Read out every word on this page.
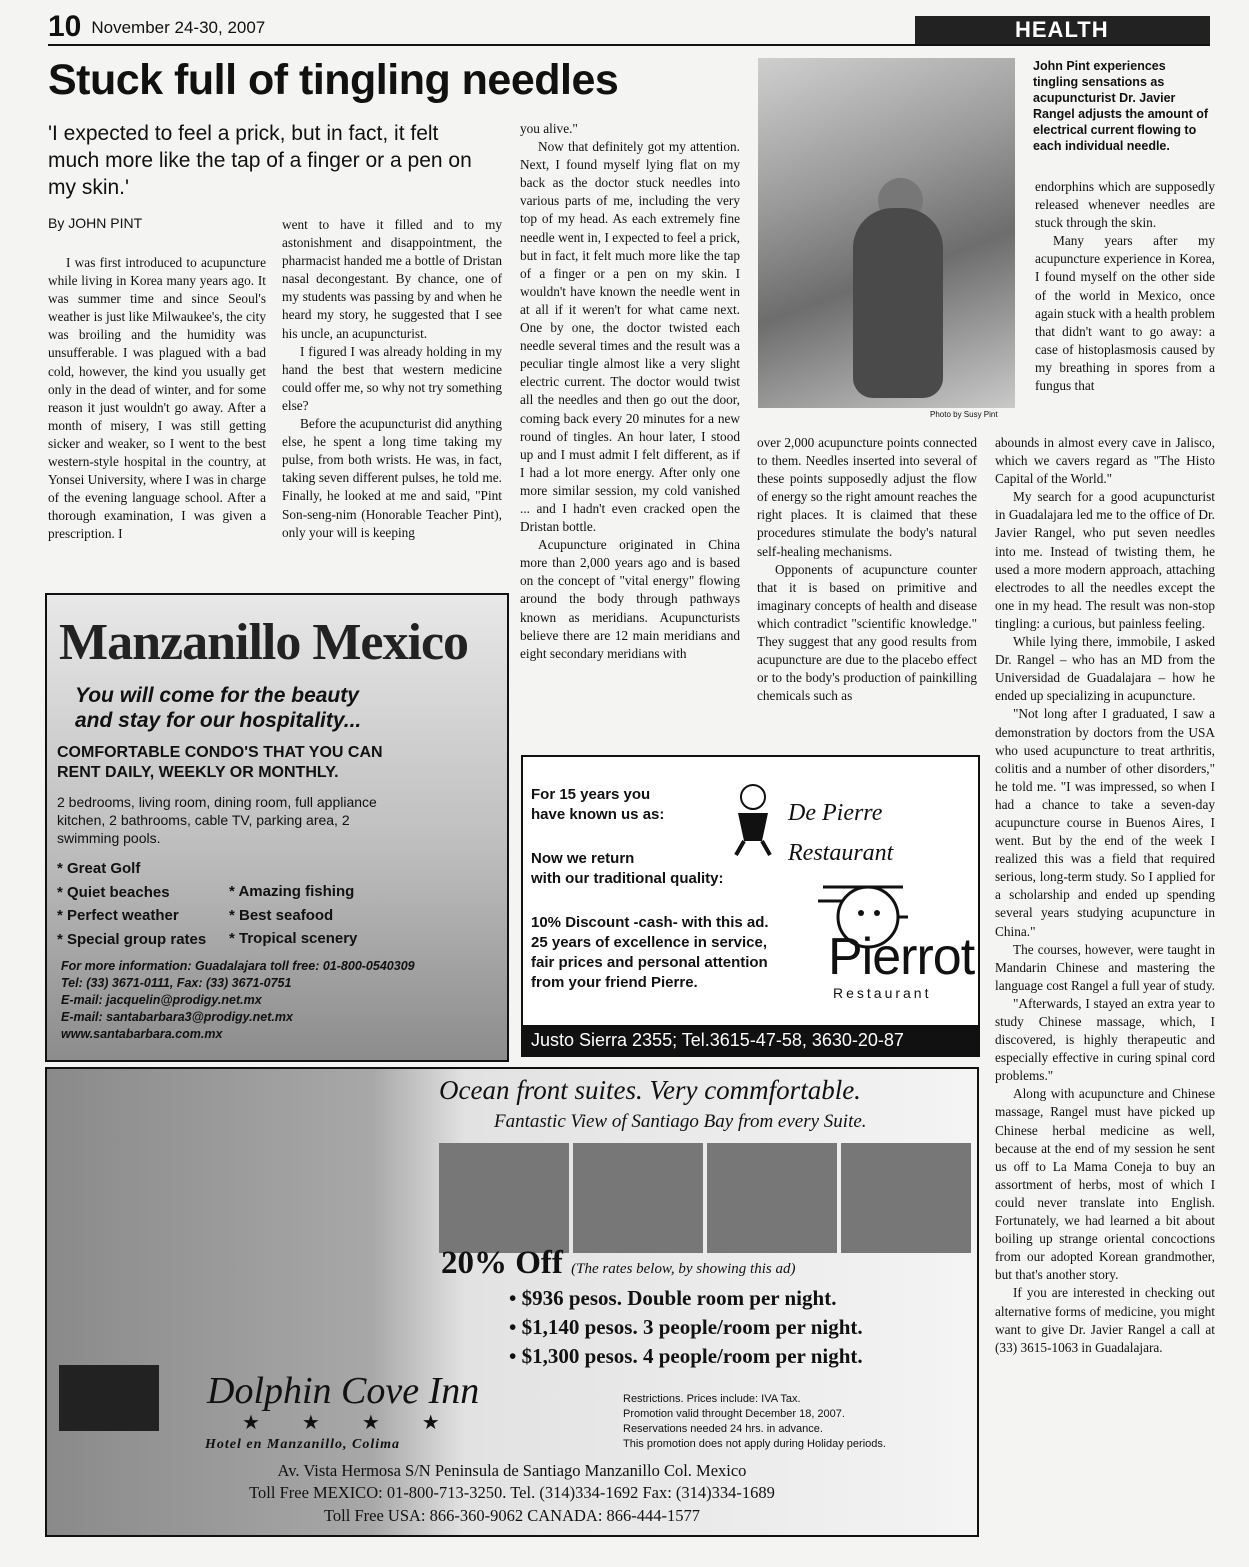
10 November 24-30, 2007	HEALTH
Stuck full of tingling needles
'I expected to feel a prick, but in fact, it felt much more like the tap of a finger or a pen on my skin.'
By JOHN PINT

I was first introduced to acupuncture while living in Korea many years ago. It was summer time and since Seoul's weather is just like Milwaukee's, the city was broiling and the humidity was unsufferable. I was plagued with a bad cold, however, the kind you usually get only in the dead of winter, and for some reason it just wouldn't go away. After a month of misery, I was still getting sicker and weaker, so I went to the best western-style hospital in the country, at Yonsei University, where I was in charge of the evening language school. After a thorough examination, I was given a prescription. I

went to have it filled and to my astonishment and disappointment, the pharmacist handed me a bottle of Dristan nasal decongestant. By chance, one of my students was passing by and when he heard my story, he suggested that I see his uncle, an acupuncturist.

I figured I was already holding in my hand the best that western medicine could offer me, so why not try something else?

Before the acupuncturist did anything else, he spent a long time taking my pulse, from both wrists. He was, in fact, taking seven different pulses, he told me. Finally, he looked at me and said, "Pint Son-seng-nim (Honorable Teacher Pint), only your will is keeping

you alive."

Now that definitely got my attention. Next, I found myself lying flat on my back as the doctor stuck needles into various parts of me, including the very top of my head. As each extremely fine needle went in, I expected to feel a prick, but in fact, it felt much more like the tap of a finger or a pen on my skin. I wouldn't have known the needle went in at all if it weren't for what came next. One by one, the doctor twisted each needle several times and the result was a peculiar tingle almost like a very slight electric current. The doctor would twist all the needles and then go out the door, coming back every 20 minutes for a new round of tingles. An hour later, I stood up and I must admit I felt different, as if I had a lot more energy. After only one more similar session, my cold vanished ... and I hadn't even cracked open the Dristan bottle.

Acupuncture originated in China more than 2,000 years ago and is based on the concept of "vital energy" flowing around the body through pathways known as meridians. Acupuncturists believe there are 12 main meridians and eight secondary meridians with

Photo by Susy Pint
John Pint experiences tingling sensations as acupuncturist Dr. Javier Rangel adjusts the amount of electrical current flowing to each individual needle.

over 2,000 acupuncture points connected to them. Needles inserted into several of these points supposedly adjust the flow of energy so the right amount reaches the right places. It is claimed that these procedures stimulate the body's natural self-healing mechanisms.

Opponents of acupuncture counter that it is based on primitive and imaginary concepts of health and disease which contradict "scientific knowledge." They suggest that any good results from acupuncture are due to the placebo effect or to the body's production of painkilling chemicals such as

endorphins which are supposedly released whenever needles are stuck through the skin.

Many years after my acupuncture experience in Korea, I found myself on the other side of the world in Mexico, once again stuck with a health problem that didn't want to go away: a case of histoplasmosis caused by my breathing in spores from a fungus that

abounds in almost every cave in Jalisco, which we cavers regard as "The Histo Capital of the World."

My search for a good acupuncturist in Guadalajara led me to the office of Dr. Javier Rangel, who put seven needles into me. Instead of twisting them, he used a more modern approach, attaching electrodes to all the needles except the one in my head. The result was non-stop tingling: a curious, but painless feeling.

While lying there, immobile, I asked Dr. Rangel – who has an MD from the Universidad de Guadalajara – how he ended up specializing in acupuncture.

"Not long after I graduated, I saw a demonstration by doctors from the USA who used acupuncture to treat arthritis, colitis and a number of other disorders," he told me. "I was impressed, so when I had a chance to take a seven-day acupuncture course in Buenos Aires, I went. But by the end of the week I realized this was a field that required serious, long-term study. So I applied for a scholarship and ended up spending several years studying acupuncture in China."

The courses, however, were taught in Mandarin Chinese and mastering the language cost Rangel a full year of study.

"Afterwards, I stayed an extra year to study Chinese massage, which, I discovered, is highly therapeutic and especially effective in curing spinal cord problems."

Along with acupuncture and Chinese massage, Rangel must have picked up Chinese herbal medicine as well, because at the end of my session he sent us off to La Mama Coneja to buy an assortment of herbs, most of which I could never translate into English. Fortunately, we had learned a bit about boiling up strange oriental concoctions from our adopted Korean grandmother, but that's another story.

If you are interested in checking out alternative forms of medicine, you might want to give Dr. Javier Rangel a call at (33) 3615-1063 in Guadalajara.

Manzanillo Mexico
You will come for the beauty
and stay for our hospitality...
COMFORTABLE CONDO'S THAT YOU CAN
RENT DAILY, WEEKLY OR MONTHLY.
2 bedrooms, living room, dining room, full appliance kitchen, 2 bathrooms, cable TV, parking area, 2 swimming pools.
* Great Golf
* Quiet beaches
* Perfect weather
* Special group rates
* Amazing fishing
* Best seafood
* Tropical scenery
For more information: Guadalajara toll free: 01-800-0540309
Tel: (33) 3671-0111, Fax: (33) 3671-0751
E-mail: jacquelin@prodigy.net.mx
E-mail: santabarbara3@prodigy.net.mx
www.santabarbara.com.mx
For 15 years you
have known us as:
Now we return
with our traditional quality:
10% Discount -cash- with this ad.
25 years of excellence in service,
fair prices and personal attention
from your friend Pierre.
De Pierre
Restaurant
Pierrot
Restaurant
Justo Sierra 2355; Tel.3615-47-58, 3630-20-87
Ocean front suites. Very commfortable.
Fantastic View of Santiago Bay from every Suite.
20% Off (The rates below, by showing this ad)
• $936 pesos. Double room per night.
• $1,140 pesos. 3 people/room per night.
• $1,300 pesos. 4 people/room per night.
Restrictions. Prices include: IVA Tax.
Promotion valid throught December 18, 2007.
Reservations needed 24 hrs. in advance.
This promotion does not apply during Holiday periods.
Dolphin Cove Inn
★★★★
Hotel en Manzanillo, Colima
Av. Vista Hermosa S/N Peninsula de Santiago Manzanillo Col. Mexico
Toll Free MEXICO: 01-800-713-3250. Tel. (314)334-1692 Fax: (314)334-1689
Toll Free USA: 866-360-9062 CANADA: 866-444-1577
